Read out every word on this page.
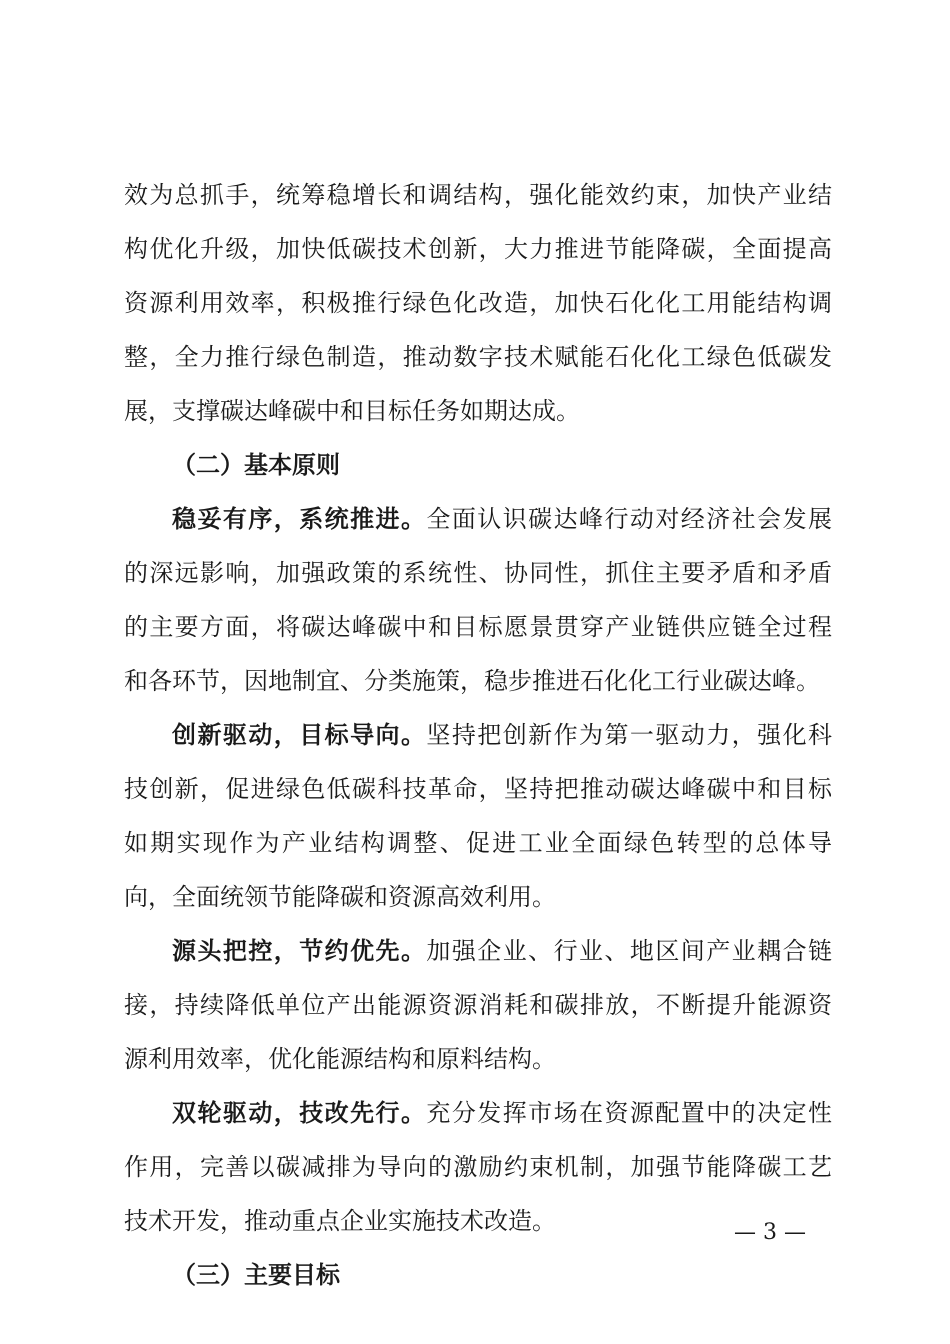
效为总抓手，统筹稳增长和调结构，强化能效约束，加快产业结
构优化升级，加快低碳技术创新，大力推进节能降碳，全面提高
资源利用效率，积极推行绿色化改造，加快石化化工用能结构调
整，全力推行绿色制造，推动数字技术赋能石化化工绿色低碳发
展，支撑碳达峰碳中和目标任务如期达成。
（二）基本原则
稳妥有序，系统推进。全面认识碳达峰行动对经济社会发展
的深远影响，加强政策的系统性、协同性，抓住主要矛盾和矛盾
的主要方面，将碳达峰碳中和目标愿景贯穿产业链供应链全过程
和各环节，因地制宜、分类施策，稳步推进石化化工行业碳达峰。
创新驱动，目标导向。坚持把创新作为第一驱动力，强化科
技创新，促进绿色低碳科技革命，坚持把推动碳达峰碳中和目标
如期实现作为产业结构调整、促进工业全面绿色转型的总体导
向，全面统领节能降碳和资源高效利用。
源头把控，节约优先。加强企业、行业、地区间产业耦合链
接，持续降低单位产出能源资源消耗和碳排放，不断提升能源资
源利用效率，优化能源结构和原料结构。
双轮驱动，技改先行。充分发挥市场在资源配置中的决定性
作用，完善以碳减排为导向的激励约束机制，加强节能降碳工艺
技术开发，推动重点企业实施技术改造。
（三）主要目标
— 3 —
